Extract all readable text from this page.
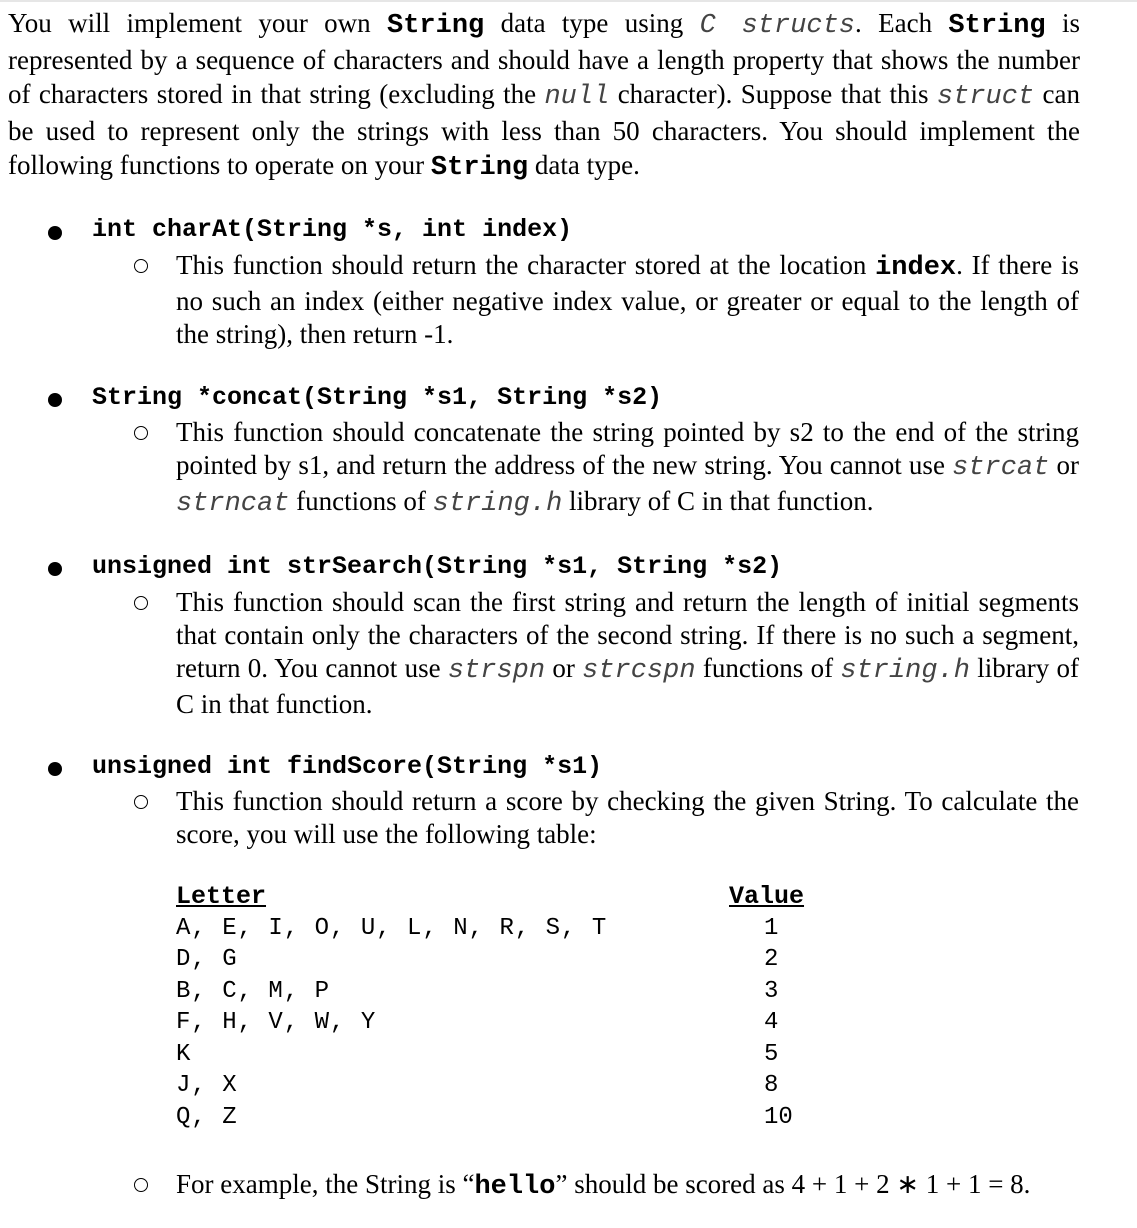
You will implement your own String data type using C structs. Each String is represented by a sequence of characters and should have a length property that shows the number of characters stored in that string (excluding the null character). Suppose that this struct can be used to represent only the strings with less than 50 characters. You should implement the following functions to operate on your String data type.
int charAt(String *s, int index)
This function should return the character stored at the location index. If there is no such an index (either negative index value, or greater or equal to the length of the string), then return -1.
String *concat(String *s1, String *s2)
This function should concatenate the string pointed by s2 to the end of the string pointed by s1, and return the address of the new string. You cannot use strcat or strncat functions of string.h library of C in that function.
unsigned int strSearch(String *s1, String *s2)
This function should scan the first string and return the length of initial segments that contain only the characters of the second string. If there is no such a segment, return 0. You cannot use strspn or strcspn functions of string.h library of C in that function.
unsigned int findScore(String *s1)
This function should return a score by checking the given String. To calculate the score, you will use the following table:
Letter	Value
A, E, I, O, U, L, N, R, S, T	1
D, G	2
B, C, M, P	3
F, H, V, W, Y	4
K	5
J, X	8
Q, Z	10
For example, the String is “hello” should be scored as 4 + 1 + 2 ∗ 1 + 1 = 8.
